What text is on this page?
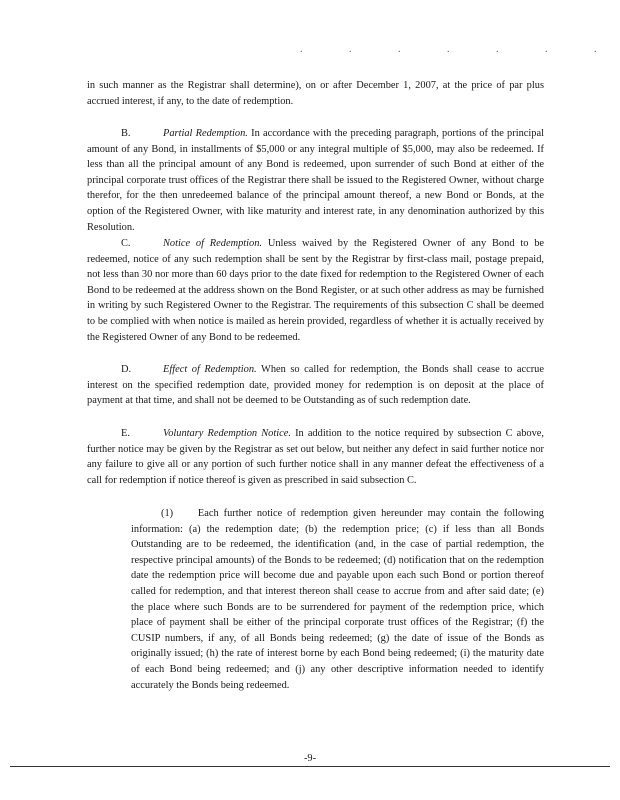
. . . . . . .

in such manner as the Registrar shall determine), on or after December 1, 2007, at the price of par plus accrued interest, if any, to the date of redemption.

B.	Partial Redemption. In accordance with the preceding paragraph, portions of the principal amount of any Bond, in installments of $5,000 or any integral multiple of $5,000, may also be redeemed. If less than all the principal amount of any Bond is redeemed, upon surrender of such Bond at either of the principal corporate trust offices of the Registrar there shall be issued to the Registered Owner, without charge therefor, for the then unredeemed balance of the principal amount thereof, a new Bond or Bonds, at the option of the Registered Owner, with like maturity and interest rate, in any denomination authorized by this Resolution.

C.	Notice of Redemption. Unless waived by the Registered Owner of any Bond to be redeemed, notice of any such redemption shall be sent by the Registrar by first-class mail, postage prepaid, not less than 30 nor more than 60 days prior to the date fixed for redemption to the Registered Owner of each Bond to be redeemed at the address shown on the Bond Register, or at such other address as may be furnished in writing by such Registered Owner to the Registrar. The requirements of this subsection C shall be deemed to be complied with when notice is mailed as herein provided, regardless of whether it is actually received by the Registered Owner of any Bond to be redeemed.

D.	Effect of Redemption. When so called for redemption, the Bonds shall cease to accrue interest on the specified redemption date, provided money for redemption is on deposit at the place of payment at that time, and shall not be deemed to be Outstanding as of such redemption date.

E.	Voluntary Redemption Notice. In addition to the notice required by subsection C above, further notice may be given by the Registrar as set out below, but neither any defect in said further notice nor any failure to give all or any portion of such further notice shall in any manner defeat the effectiveness of a call for redemption if notice thereof is given as prescribed in said subsection C.

(1) Each further notice of redemption given hereunder may contain the following information: (a) the redemption date; (b) the redemption price; (c) if less than all Bonds Outstanding are to be redeemed, the identification (and, in the case of partial redemption, the respective principal amounts) of the Bonds to be redeemed; (d) notification that on the redemption date the redemption price will become due and payable upon each such Bond or portion thereof called for redemption, and that interest thereon shall cease to accrue from and after said date; (e) the place where such Bonds are to be surrendered for payment of the redemption price, which place of payment shall be either of the principal corporate trust offices of the Registrar; (f) the CUSIP numbers, if any, of all Bonds being redeemed; (g) the date of issue of the Bonds as originally issued; (h) the rate of interest borne by each Bond being redeemed; (i) the maturity date of each Bond being redeemed; and (j) any other descriptive information needed to identify accurately the Bonds being redeemed.

-9-
